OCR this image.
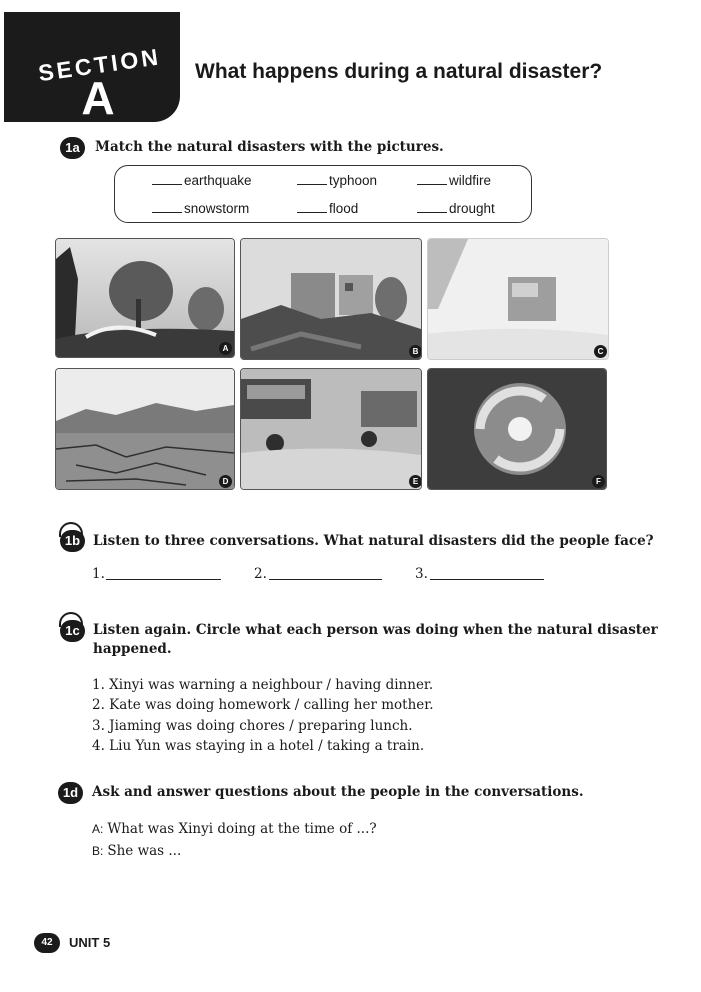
SECTION
A
What happens during a natural disaster?
1a	Match the natural disasters with the pictures.
earthquake	typhoon	wildfire
snowstorm	flood	drought
A	B	C
D	E	F
1b Listen to three conversations. What natural disasters did the people face?
1.	2.	3.
1c Listen again. Circle what each person was doing when the natural disaster
happened.
1. Xinyi was warning a neighbour / having dinner.
2. Kate was doing homework / calling her mother.
3. Jiaming was doing chores / preparing lunch.
4. Liu Yun was staying in a hotel / taking a train.
1d	Ask and answer questions about the people in the conversations.
A: What was Xinyi doing at the time of ...?
B: She was ...
42	UNIT 5
